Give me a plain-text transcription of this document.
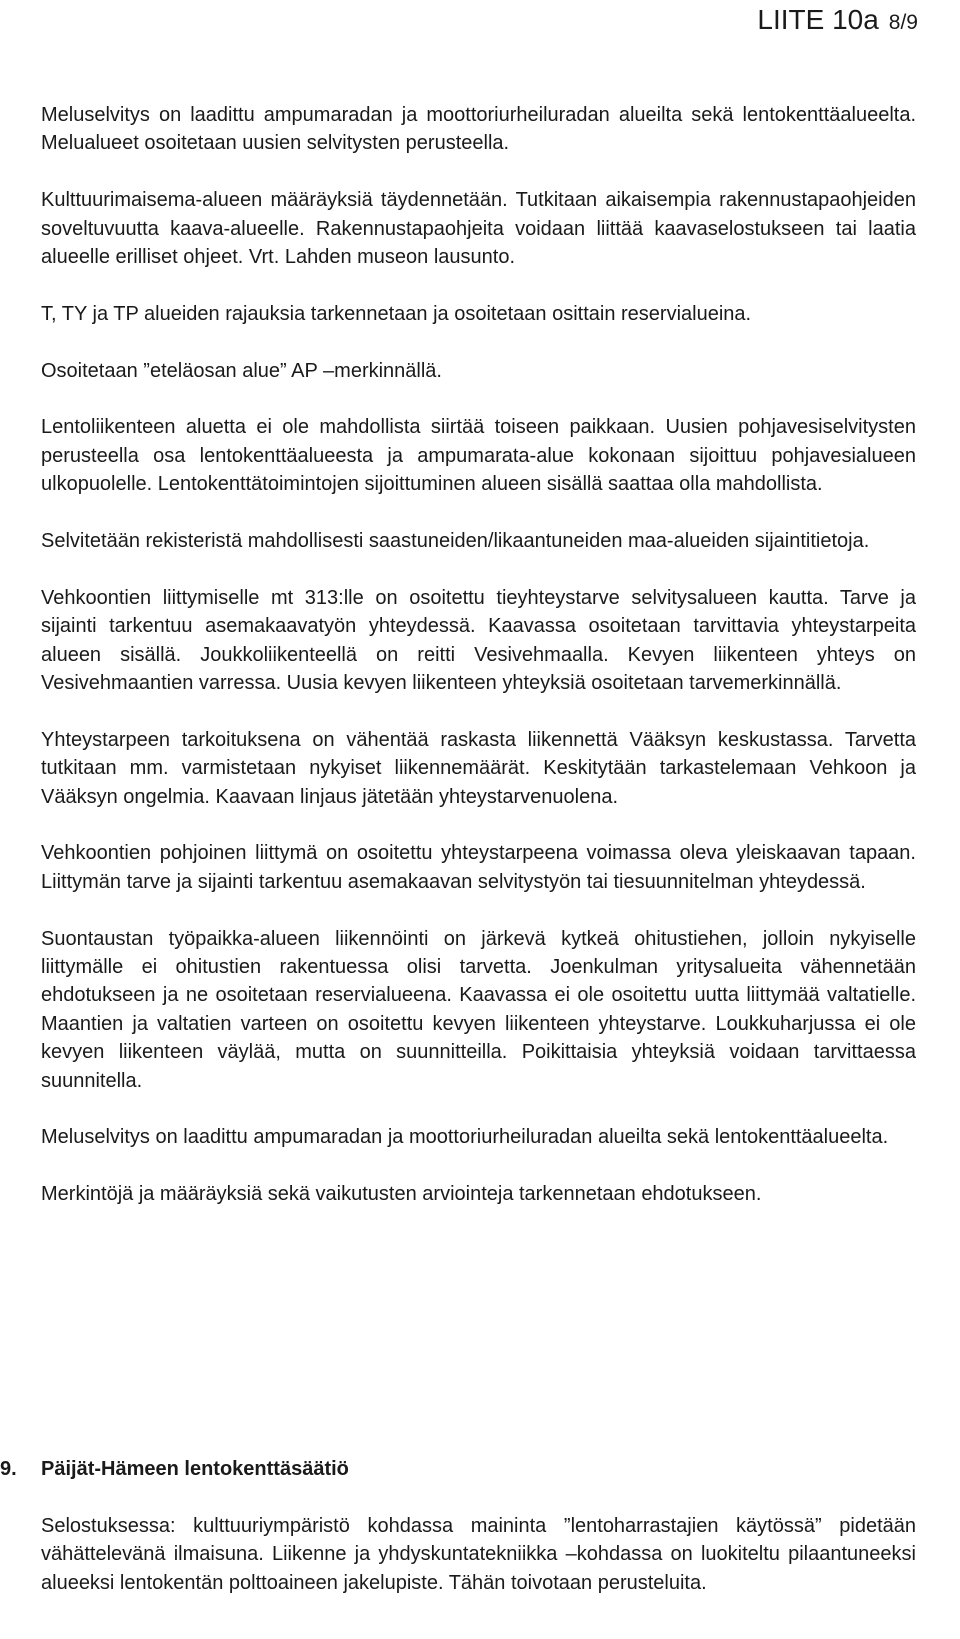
LIITE 10a 8/9

Meluselvitys on laadittu ampumaradan ja moottoriurheiluradan alueilta sekä lentokenttäalueelta. Melualueet osoitetaan uusien selvitysten perusteella.

Kulttuurimaisema-alueen määräyksiä täydennetään. Tutkitaan aikaisempia rakennustapaohjeiden soveltuvuutta kaava-alueelle. Rakennustapaohjeita voidaan liittää kaavaselostukseen tai laatia alueelle erilliset ohjeet. Vrt. Lahden museon lausunto.

T, TY ja TP alueiden rajauksia tarkennetaan ja osoitetaan osittain reservialueina.

Osoitetaan ”eteläosan alue” AP –merkinnällä.

Lentoliikenteen aluetta ei ole mahdollista siirtää toiseen paikkaan. Uusien pohjavesiselvitysten perusteella osa lentokenttäalueesta ja ampumarata-alue kokonaan sijoittuu pohjavesialueen ulkopuolelle. Lentokenttätoimintojen sijoittuminen alueen sisällä saattaa olla mahdollista.

Selvitetään rekisteristä mahdollisesti saastuneiden/likaantuneiden maa-alueiden sijaintitietoja.

Vehkoontien liittymiselle mt 313:lle on osoitettu tieyhteystarve selvitysalueen kautta. Tarve ja sijainti tarkentuu asemakaavatyön yhteydessä. Kaavassa osoitetaan tarvittavia yhteystarpeita alueen sisällä. Joukkoliikenteellä on reitti Vesivehmaalla. Kevyen liikenteen yhteys on Vesivehmaantien varressa. Uusia kevyen liikenteen yhteyksiä osoitetaan tarvemerkinnällä.

Yhteystarpeen tarkoituksena on vähentää raskasta liikennettä Vääksyn keskustassa. Tarvetta tutkitaan mm. varmistetaan nykyiset liikennemäärät. Keskitytään tarkastelemaan Vehkoon ja Vääksyn ongelmia. Kaavaan linjaus jätetään yhteystarvenuolena.

Vehkoontien pohjoinen liittymä on osoitettu yhteystarpeena voimassa oleva yleiskaavan tapaan. Liittymän tarve ja sijainti tarkentuu asemakaavan selvitystyön tai tiesuunnitelman yhteydessä.

Suontaustan työpaikka-alueen liikennöinti on järkevä kytkeä ohitustiehen, jolloin nykyiselle liittymälle ei ohitustien rakentuessa olisi tarvetta. Joenkulman yritysalueita vähennetään ehdotukseen ja ne osoitetaan reservialueena. Kaavassa ei ole osoitettu uutta liittymää valtatielle. Maantien ja valtatien varteen on osoitettu kevyen liikenteen yhteystarve. Loukkuharjussa ei ole kevyen liikenteen väylää, mutta on suunnitteilla. Poikittaisia yhteyksiä voidaan tarvittaessa suunnitella.

Meluselvitys on laadittu ampumaradan ja moottoriurheiluradan alueilta sekä lentokenttäalueelta.

Merkintöjä ja määräyksiä sekä vaikutusten arviointeja tarkennetaan ehdotukseen.

9. Päijät-Hämeen lentokenttäsäätiö

Selostuksessa: kulttuuriympäristö kohdassa maininta ”lentoharrastajien käytössä” pidetään vähättelevänä ilmaisuna. Liikenne ja yhdyskuntatekniikka –kohdassa on luokiteltu pilaantuneeksi alueeksi lentokentän polttoaineen jakelupiste. Tähän toivotaan perusteluita.
